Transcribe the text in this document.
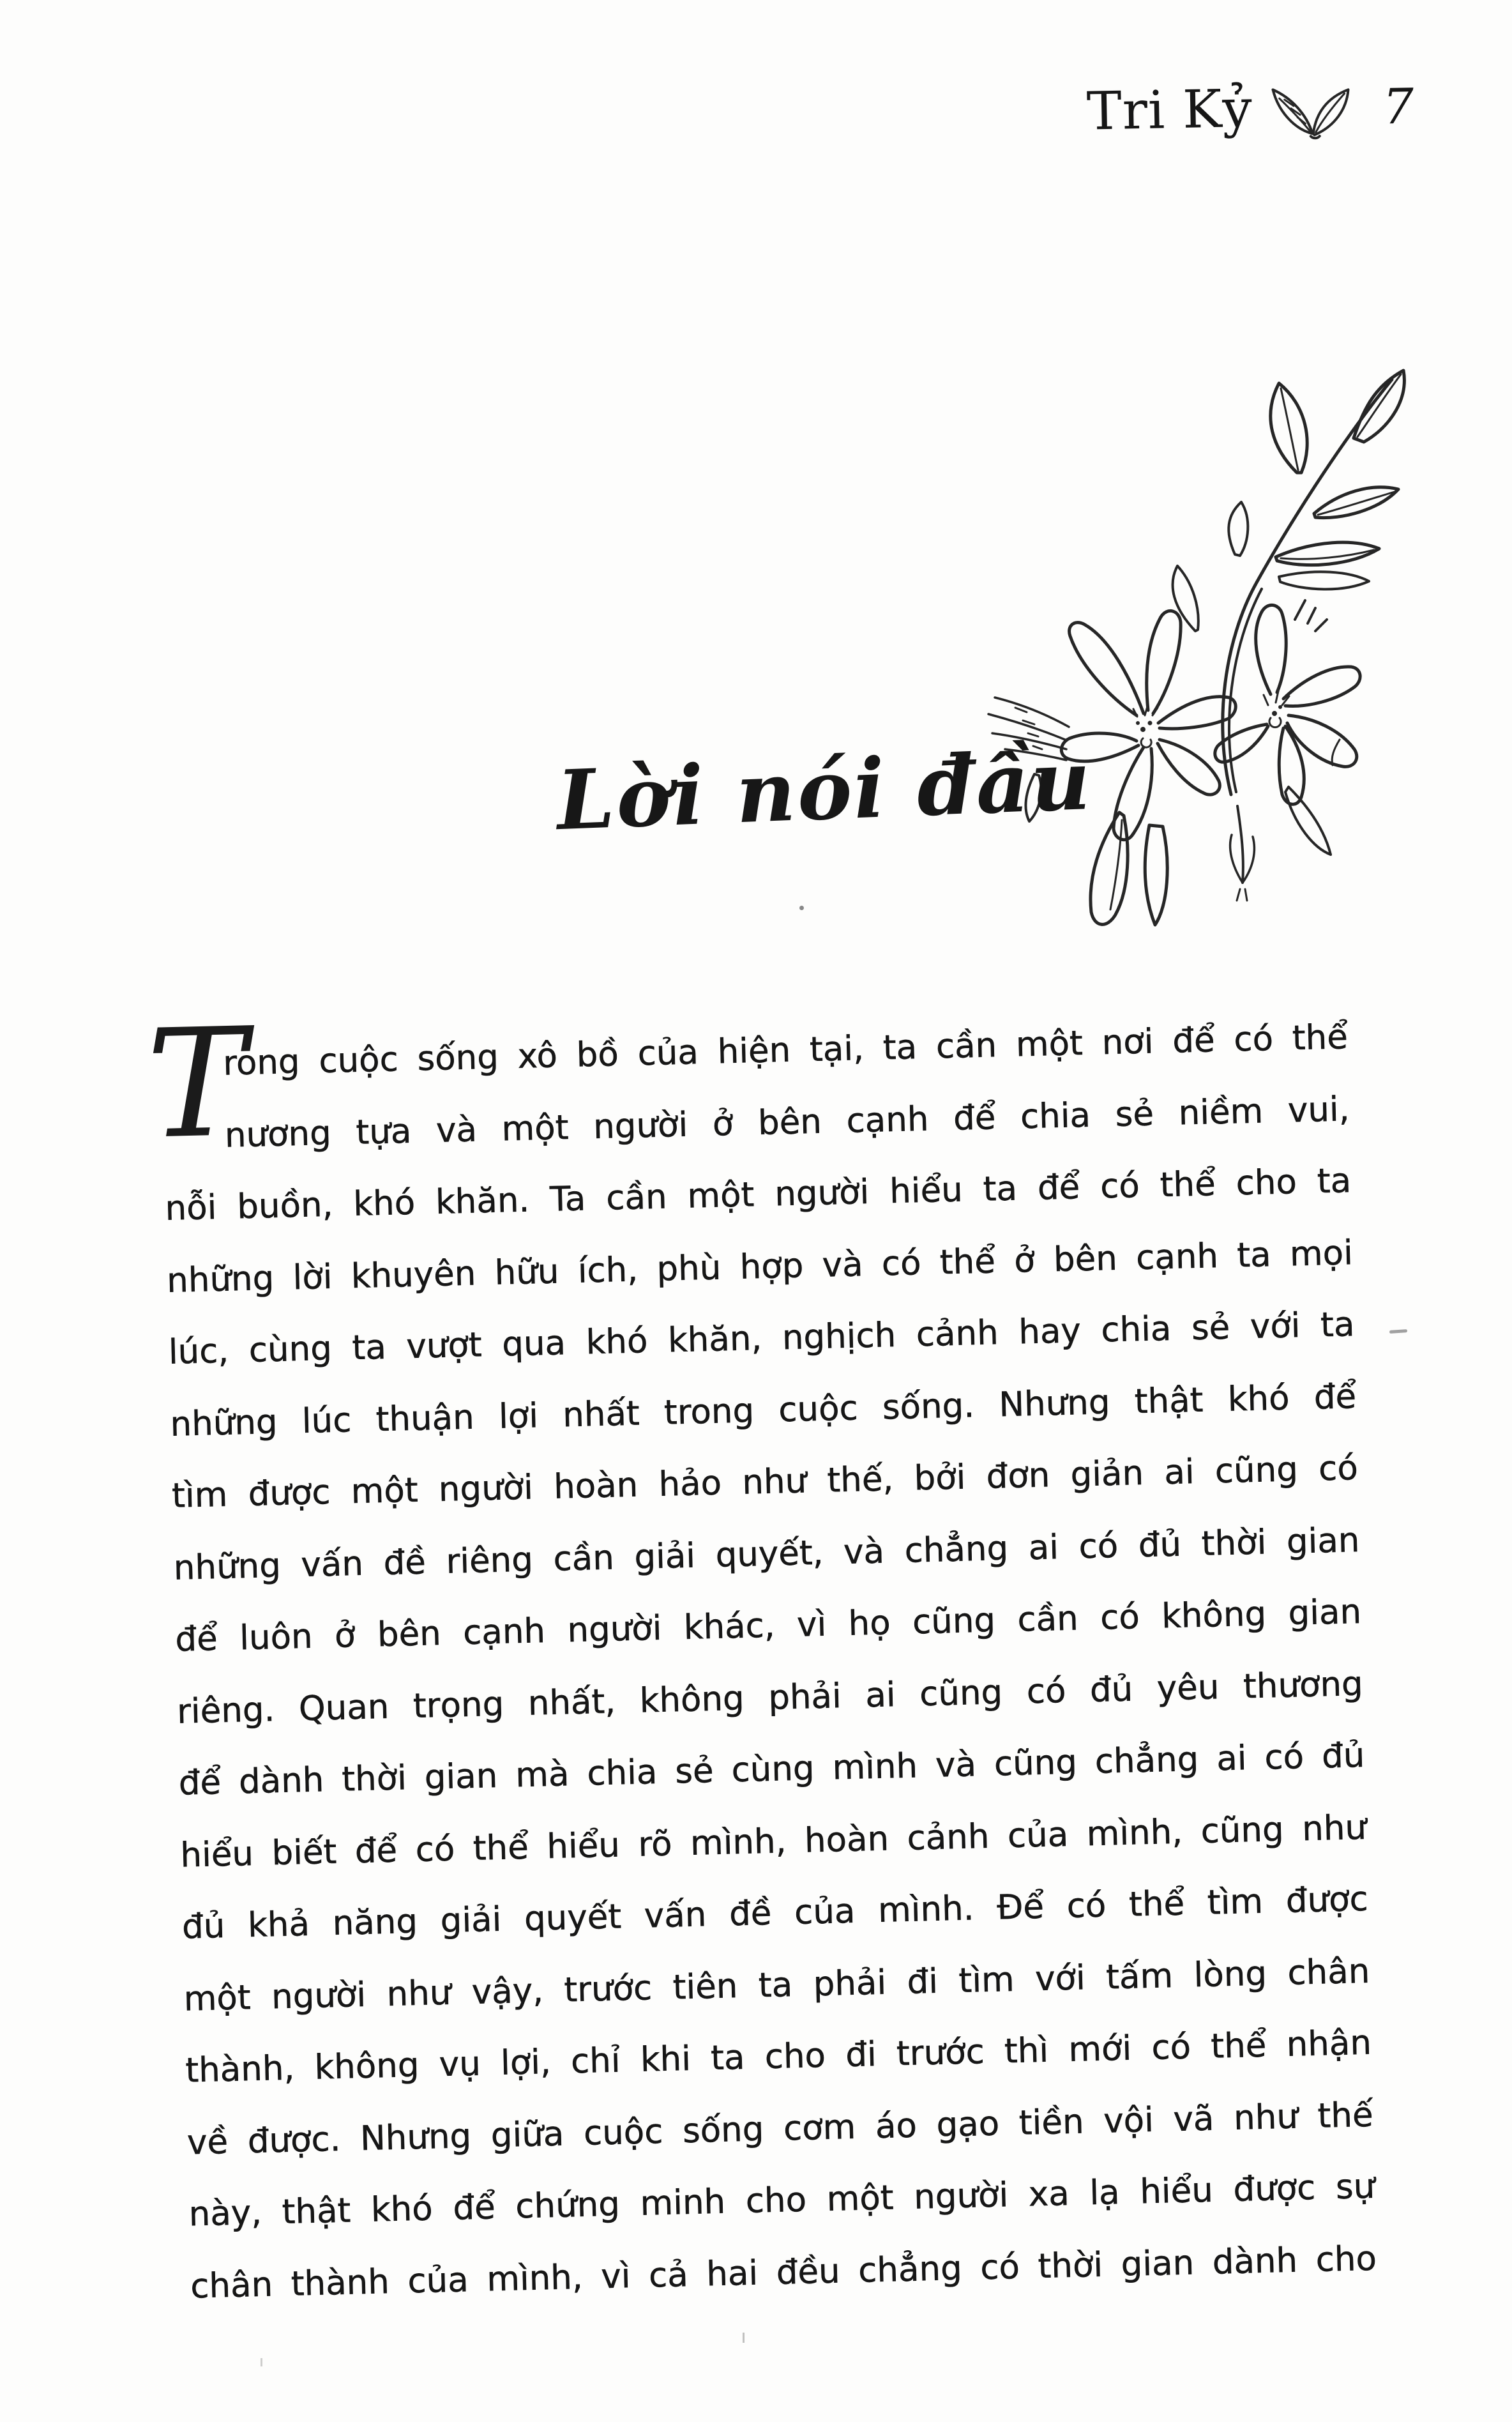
Tri Kỷ	7
Lời nói đầu
T
rong cuộc sống xô bồ của hiện tại, ta cần một nơi để có thể
nương tựa và một người ở bên cạnh để chia sẻ niềm vui,
nỗi buồn, khó khăn. Ta cần một người hiểu ta để có thể cho ta
những lời khuyên hữu ích, phù hợp và có thể ở bên cạnh ta mọi
lúc, cùng ta vượt qua khó khăn, nghịch cảnh hay chia sẻ với ta
những lúc thuận lợi nhất trong cuộc sống. Nhưng thật khó để
tìm được một người hoàn hảo như thế, bởi đơn giản ai cũng có
những vấn đề riêng cần giải quyết, và chẳng ai có đủ thời gian
để luôn ở bên cạnh người khác, vì họ cũng cần có không gian
riêng. Quan trọng nhất, không phải ai cũng có đủ yêu thương
để dành thời gian mà chia sẻ cùng mình và cũng chẳng ai có đủ
hiểu biết để có thể hiểu rõ mình, hoàn cảnh của mình, cũng như
đủ khả năng giải quyết vấn đề của mình. Để có thể tìm được
một người như vậy, trước tiên ta phải đi tìm với tấm lòng chân
thành, không vụ lợi, chỉ khi ta cho đi trước thì mới có thể nhận
về được. Nhưng giữa cuộc sống cơm áo gạo tiền vội vã như thế
này, thật khó để chứng minh cho một người xa lạ hiểu được sự
chân thành của mình, vì cả hai đều chẳng có thời gian dành cho
